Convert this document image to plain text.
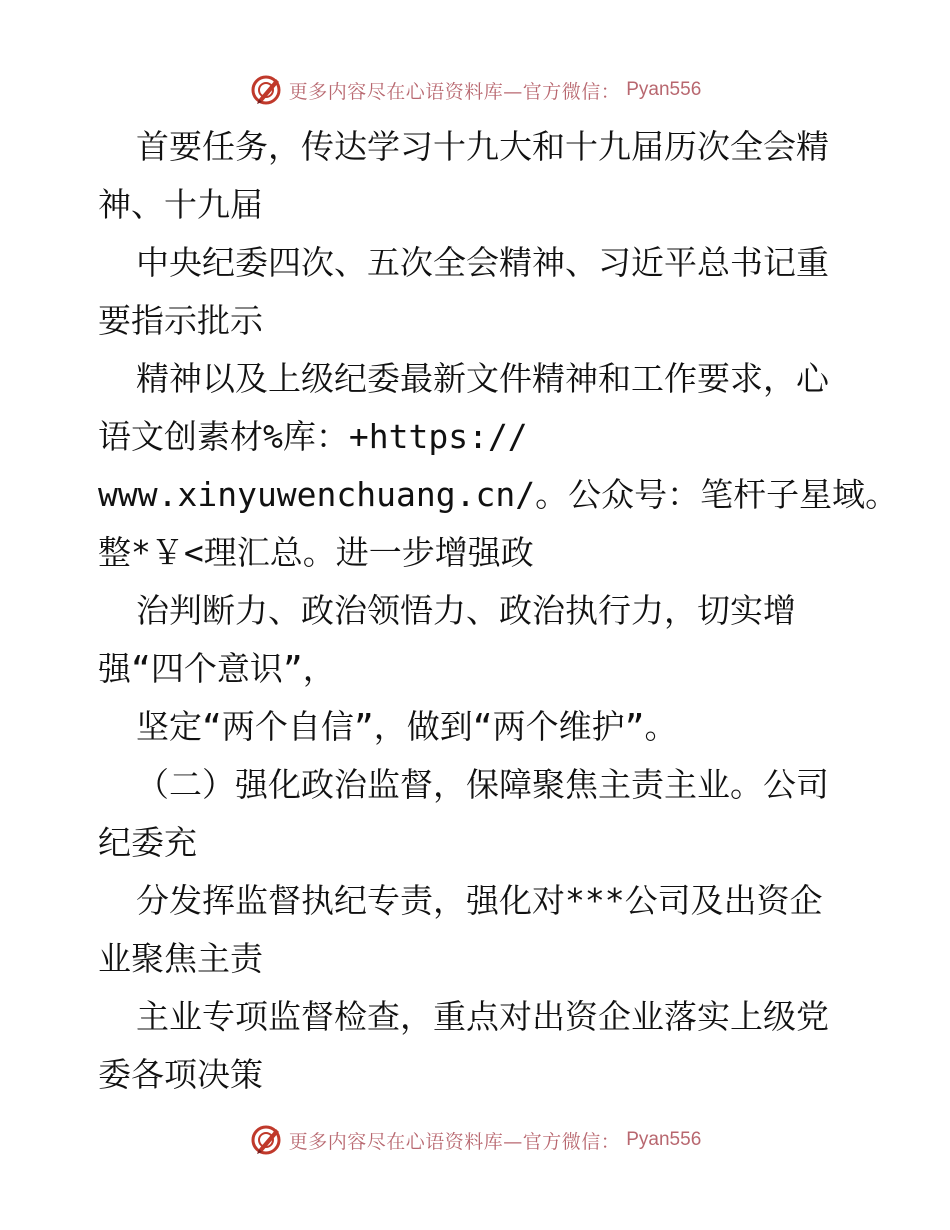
更多内容尽在心语资料库—官方微信： Pyan556
首要任务，传达学习十九大和十九届历次全会精
神、十九届
中央纪委四次、五次全会精神、习近平总书记重
要指示批示
精神以及上级纪委最新文件精神和工作要求，心
语文创素材%库：+https://
www.xinyuwenchuang.cn/。公众号：笔杆子星域。
整*￥<理汇总。进一步增强政
治判断力、政治领悟力、政治执行力，切实增
强“四个意识”，
坚定“两个自信”，做到“两个维护”。
（二）强化政治监督，保障聚焦主责主业。公司
纪委充
分发挥监督执纪专责，强化对***公司及出资企
业聚焦主责
主业专项监督检查，重点对出资企业落实上级党
委各项决策
更多内容尽在心语资料库—官方微信： Pyan556
